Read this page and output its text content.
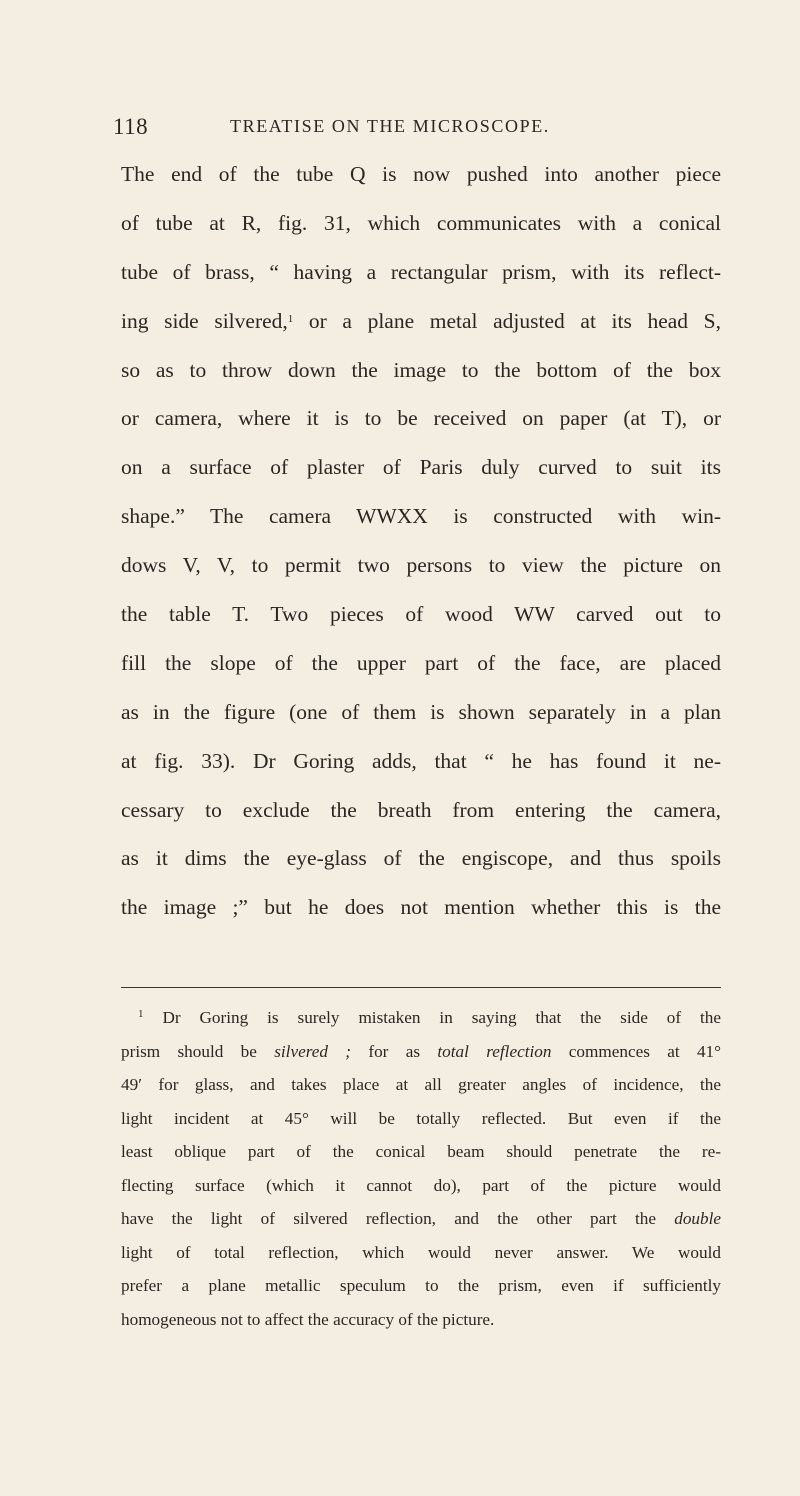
118	TREATISE ON THE MICROSCOPE.
The end of the tube Q is now pushed into another piece
of tube at R, fig. 31, which communicates with a conical
tube of brass, “ having a rectangular prism, with its reflect-
ing side silvered,$^1$ or a plane metal adjusted at its head S,
so as to throw down the image to the bottom of the box
or camera, where it is to be received on paper (at T), or
on a surface of plaster of Paris duly curved to suit its
shape.” The camera WWXX is constructed with win-
dows V, V, to permit two persons to view the picture on
the table T. Two pieces of wood WW carved out to
fill the slope of the upper part of the face, are placed
as in the figure (one of them is shown separately in a plan
at fig. 33). Dr Goring adds, that “ he has found it ne-
cessary to exclude the breath from entering the camera,
as it dims the eye-glass of the engiscope, and thus spoils
the image ;” but he does not mention whether this is the
$^1$ Dr Goring is surely mistaken in saying that the side of the
prism should be silvered ; for as total reflection commences at 41°
49′ for glass, and takes place at all greater angles of incidence, the
light incident at 45° will be totally reflected. But even if the
least oblique part of the conical beam should penetrate the re-
flecting surface (which it cannot do), part of the picture would
have the light of silvered reflection, and the other part the double
light of total reflection, which would never answer. We would
prefer a plane metallic speculum to the prism, even if sufficiently
homogeneous not to affect the accuracy of the picture.
